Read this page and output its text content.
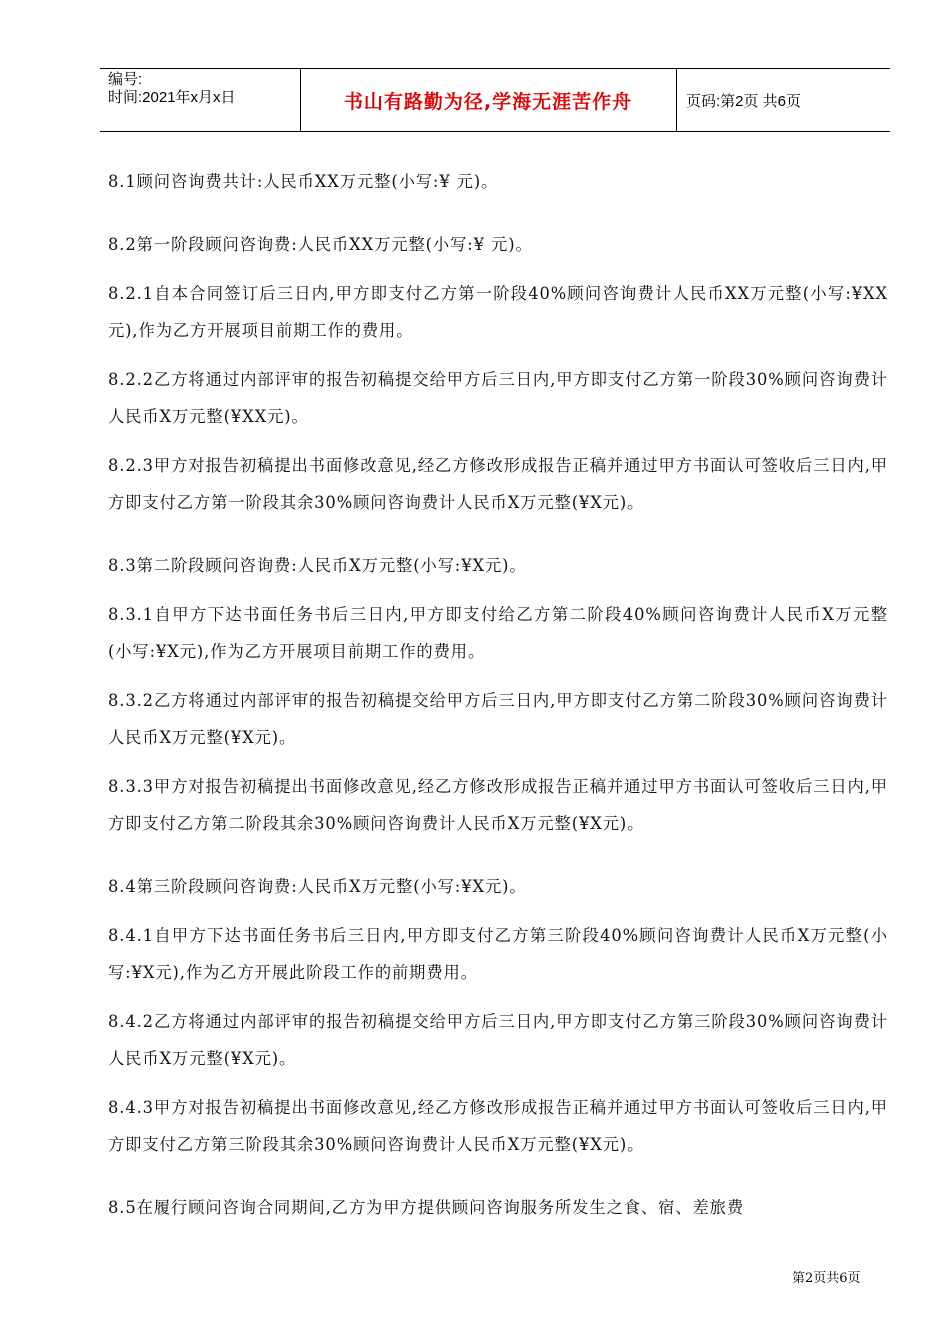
编号:
时间:2021年x月x日	书山有路勤为径,学海无涯苦作舟	页码:第2页 共6页

8.1顾问咨询费共计:人民币XX万元整(小写:¥ 元)。

8.2第一阶段顾问咨询费:人民币XX万元整(小写:¥ 元)。

8.2.1自本合同签订后三日内,甲方即支付乙方第一阶段40%顾问咨询费计人民币XX万元整(小写:¥XX元),作为乙方开展项目前期工作的费用。

8.2.2乙方将通过内部评审的报告初稿提交给甲方后三日内,甲方即支付乙方第一阶段30%顾问咨询费计人民币X万元整(¥XX元)。

8.2.3甲方对报告初稿提出书面修改意见,经乙方修改形成报告正稿并通过甲方书面认可签收后三日内,甲方即支付乙方第一阶段其余30%顾问咨询费计人民币X万元整(¥X元)。

8.3第二阶段顾问咨询费:人民币X万元整(小写:¥X元)。

8.3.1自甲方下达书面任务书后三日内,甲方即支付给乙方第二阶段40%顾问咨询费计人民币X万元整(小写:¥X元),作为乙方开展项目前期工作的费用。

8.3.2乙方将通过内部评审的报告初稿提交给甲方后三日内,甲方即支付乙方第二阶段30%顾问咨询费计人民币X万元整(¥X元)。

8.3.3甲方对报告初稿提出书面修改意见,经乙方修改形成报告正稿并通过甲方书面认可签收后三日内,甲方即支付乙方第二阶段其余30%顾问咨询费计人民币X万元整(¥X元)。

8.4第三阶段顾问咨询费:人民币X万元整(小写:¥X元)。

8.4.1自甲方下达书面任务书后三日内,甲方即支付乙方第三阶段40%顾问咨询费计人民币X万元整(小写:¥X元),作为乙方开展此阶段工作的前期费用。

8.4.2乙方将通过内部评审的报告初稿提交给甲方后三日内,甲方即支付乙方第三阶段30%顾问咨询费计人民币X万元整(¥X元)。

8.4.3甲方对报告初稿提出书面修改意见,经乙方修改形成报告正稿并通过甲方书面认可签收后三日内,甲方即支付乙方第三阶段其余30%顾问咨询费计人民币X万元整(¥X元)。

8.5在履行顾问咨询合同期间,乙方为甲方提供顾问咨询服务所发生之食、宿、差旅费

第2页共6页
